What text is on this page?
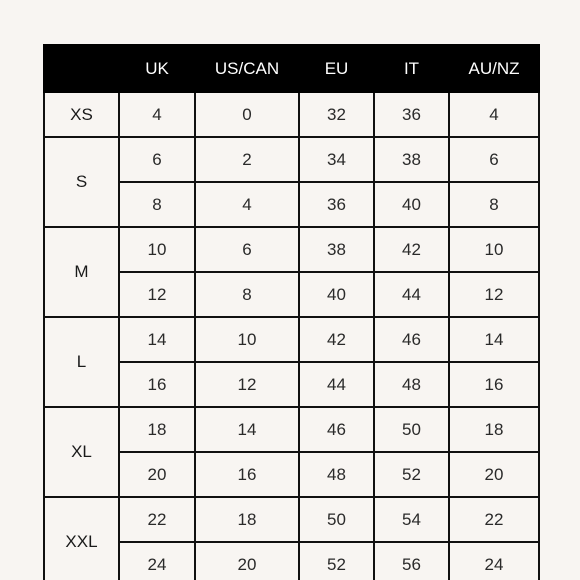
	UK	US/CAN	EU	IT	AU/NZ
XS	4	0	32	36	4
S	6	2	34	38	6
	8	4	36	40	8
M	10	6	38	42	10
	12	8	40	44	12
L	14	10	42	46	14
	16	12	44	48	16
XL	18	14	46	50	18
	20	16	48	52	20
XXL	22	18	50	54	22
	24	20	52	56	24
